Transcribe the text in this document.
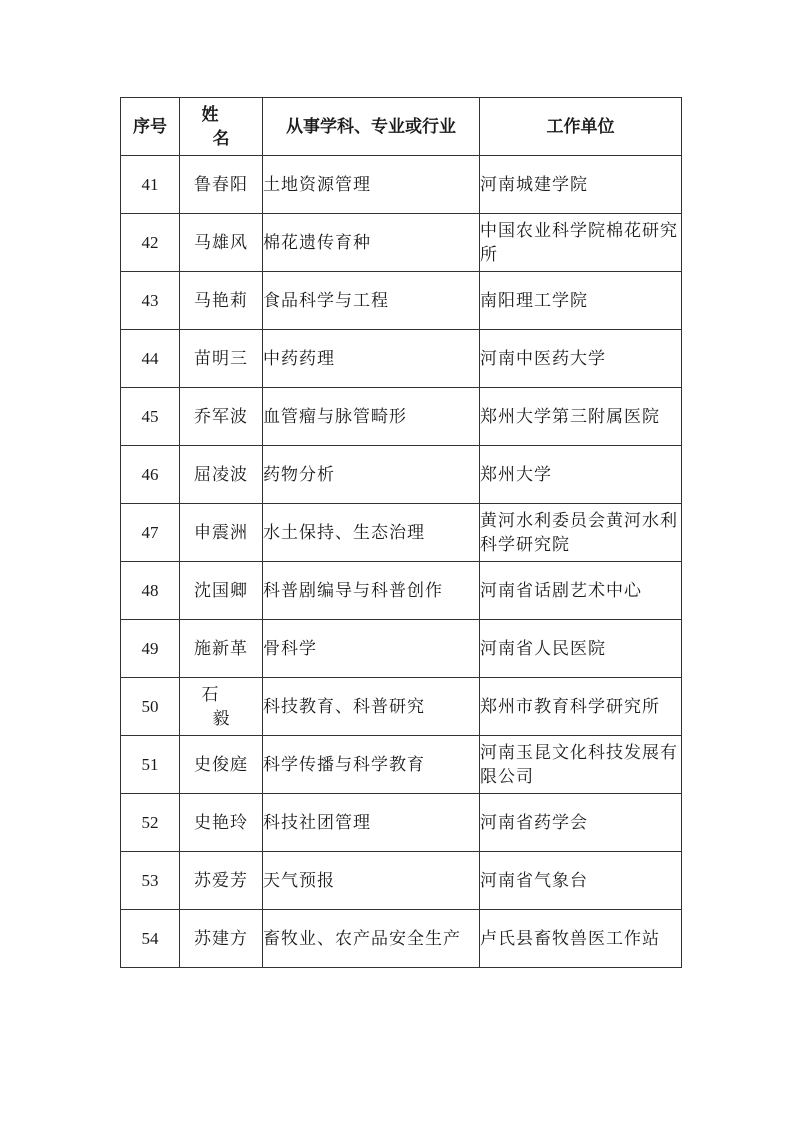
序号	姓 名	从事学科、专业或行业	工作单位
41	鲁春阳	土地资源管理	河南城建学院
42	马雄风	棉花遗传育种	中国农业科学院棉花研究所
43	马艳莉	食品科学与工程	南阳理工学院
44	苗明三	中药药理	河南中医药大学
45	乔军波	血管瘤与脉管畸形	郑州大学第三附属医院
46	屈凌波	药物分析	郑州大学
47	申震洲	水土保持、生态治理	黄河水利委员会黄河水利科学研究院
48	沈国卿	科普剧编导与科普创作	河南省话剧艺术中心
49	施新革	骨科学	河南省人民医院
50	石 毅	科技教育、科普研究	郑州市教育科学研究所
51	史俊庭	科学传播与科学教育	河南玉昆文化科技发展有限公司
52	史艳玲	科技社团管理	河南省药学会
53	苏爱芳	天气预报	河南省气象台
54	苏建方	畜牧业、农产品安全生产	卢氏县畜牧兽医工作站
